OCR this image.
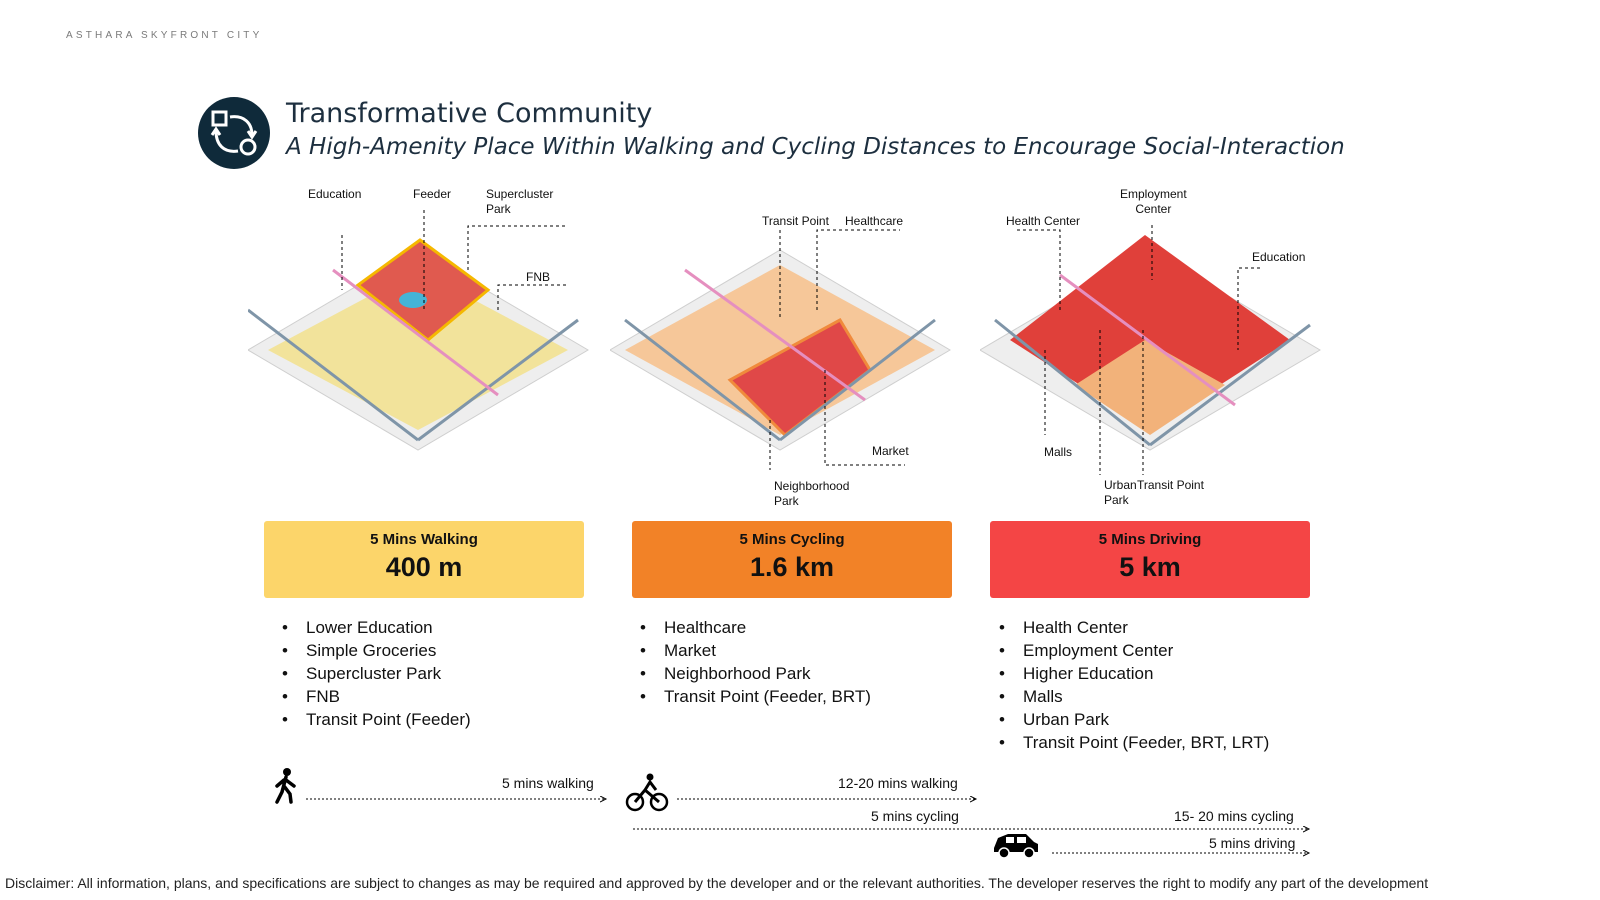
ASTHARA SKYFRONT CITY
Transformative Community
A High-Amenity Place Within Walking and Cycling Distances to Encourage Social-Interaction
Education	Feeder	Supercluster
Park
FNB
Transit Point Healthcare
Market
Neighborhood
Park
Health Center
Employment
Center
Education
Malls
Urban
Park
Transit Point
5 Mins Walking
400 m
5 Mins Cycling
1.6 km
5 Mins Driving
5 km
• Lower Education
• Simple Groceries
• Supercluster Park
• FNB
• Transit Point (Feeder)
• Healthcare
• Market
• Neighborhood Park
• Transit Point (Feeder, BRT)
• Health Center
• Employment Center
• Higher Education
• Malls
• Urban Park
• Transit Point (Feeder, BRT, LRT)
5 mins walking	12-20 mins walking
5 mins cycling	15- 20 mins cycling
5 mins driving
Disclaimer: All information, plans, and specifications are subject to changes as may be required and approved by the developer and or the relevant authorities. The developer reserves the right to modify any part of the development
